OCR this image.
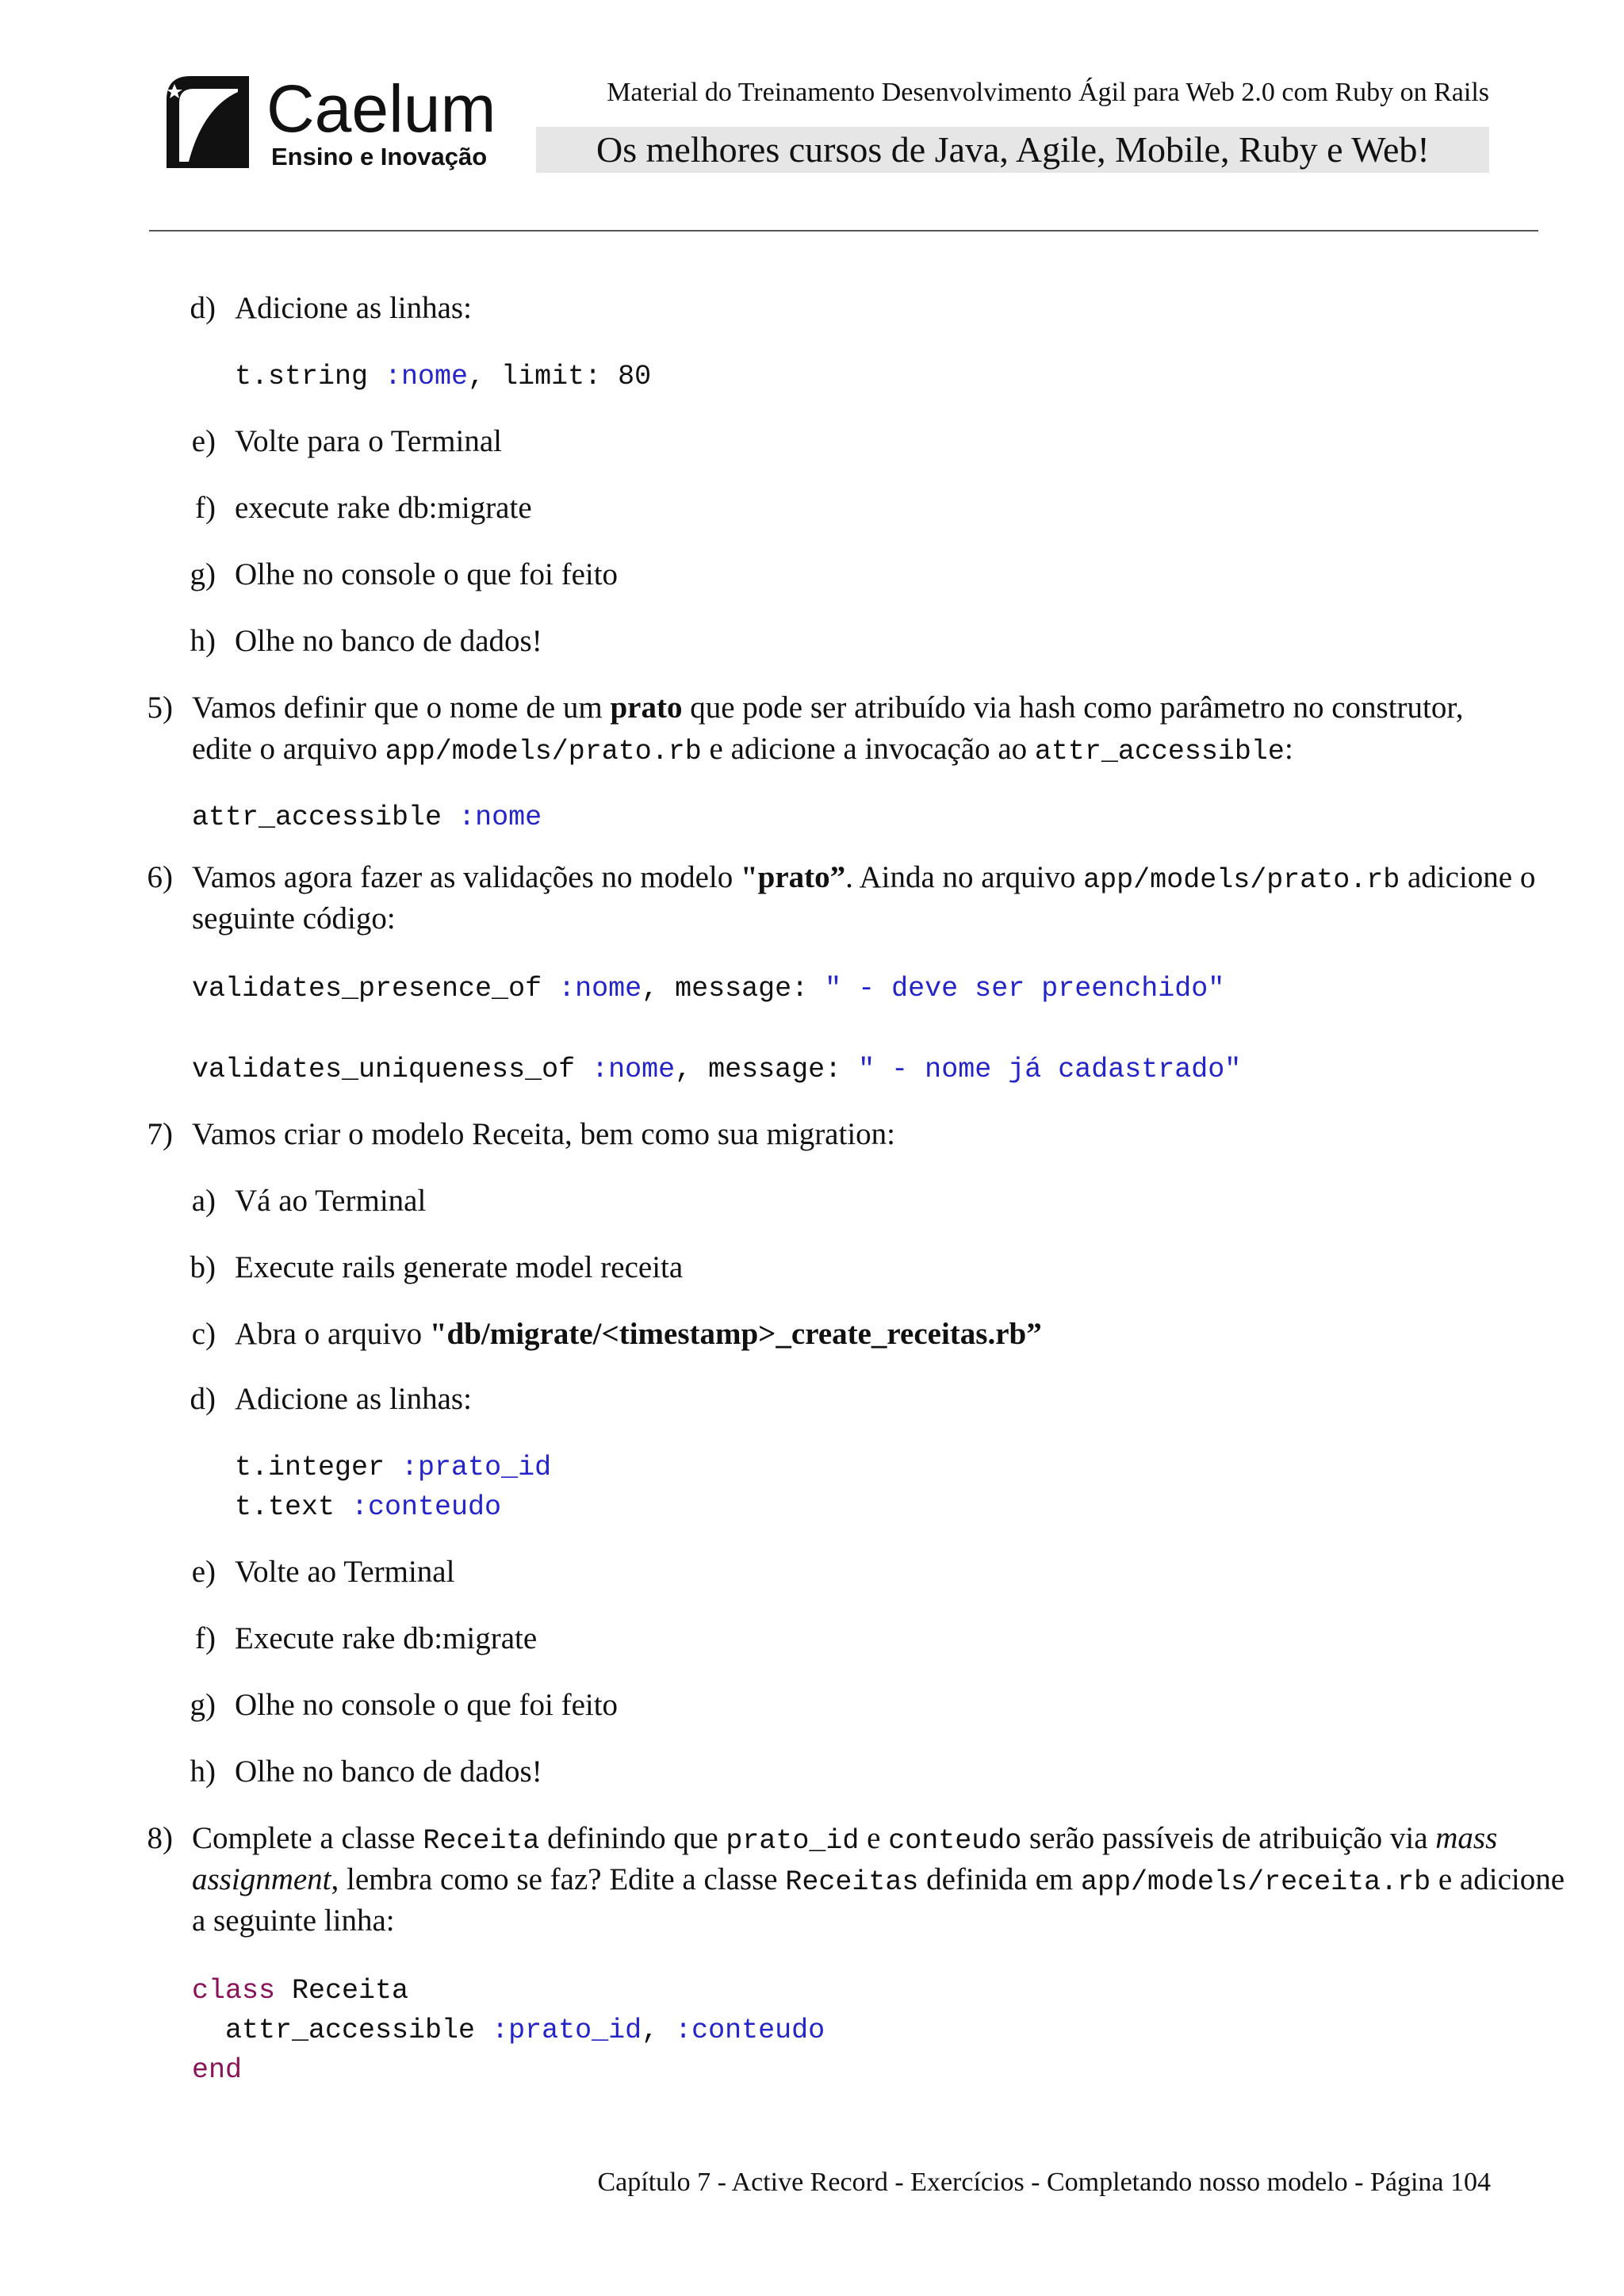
Caelum
Ensino e Inovação
Material do Treinamento Desenvolvimento Ágil para Web 2.0 com Ruby on Rails
Os melhores cursos de Java, Agile, Mobile, Ruby e Web!
d) Adicione as linhas:
t.string :nome, limit: 80
e) Volte para o Terminal
f) execute rake db:migrate
g) Olhe no console o que foi feito
h) Olhe no banco de dados!
5) Vamos definir que o nome de um prato que pode ser atribuído via hash como parâmetro no construtor,
edite o arquivo app/models/prato.rb e adicione a invocação ao attr_accessible:
attr_accessible :nome
6) Vamos agora fazer as validações no modelo "prato”. Ainda no arquivo app/models/prato.rb adicione o
seguinte código:
validates_presence_of :nome, message: " - deve ser preenchido"
validates_uniqueness_of :nome, message: " - nome já cadastrado"
7) Vamos criar o modelo Receita, bem como sua migration:
a) Vá ao Terminal
b) Execute rails generate model receita
c) Abra o arquivo "db/migrate/<timestamp>_create_receitas.rb”
d) Adicione as linhas:
t.integer :prato_id
t.text :conteudo
e) Volte ao Terminal
f) Execute rake db:migrate
g) Olhe no console o que foi feito
h) Olhe no banco de dados!
8) Complete a classe Receita definindo que prato_id e conteudo serão passíveis de atribuição via mass
assignment, lembra como se faz? Edite a classe Receitas definida em app/models/receita.rb e adicione
a seguinte linha:
class Receita
attr_accessible :prato_id, :conteudo
end
Capítulo 7 - Active Record - Exercícios - Completando nosso modelo - Página 104
